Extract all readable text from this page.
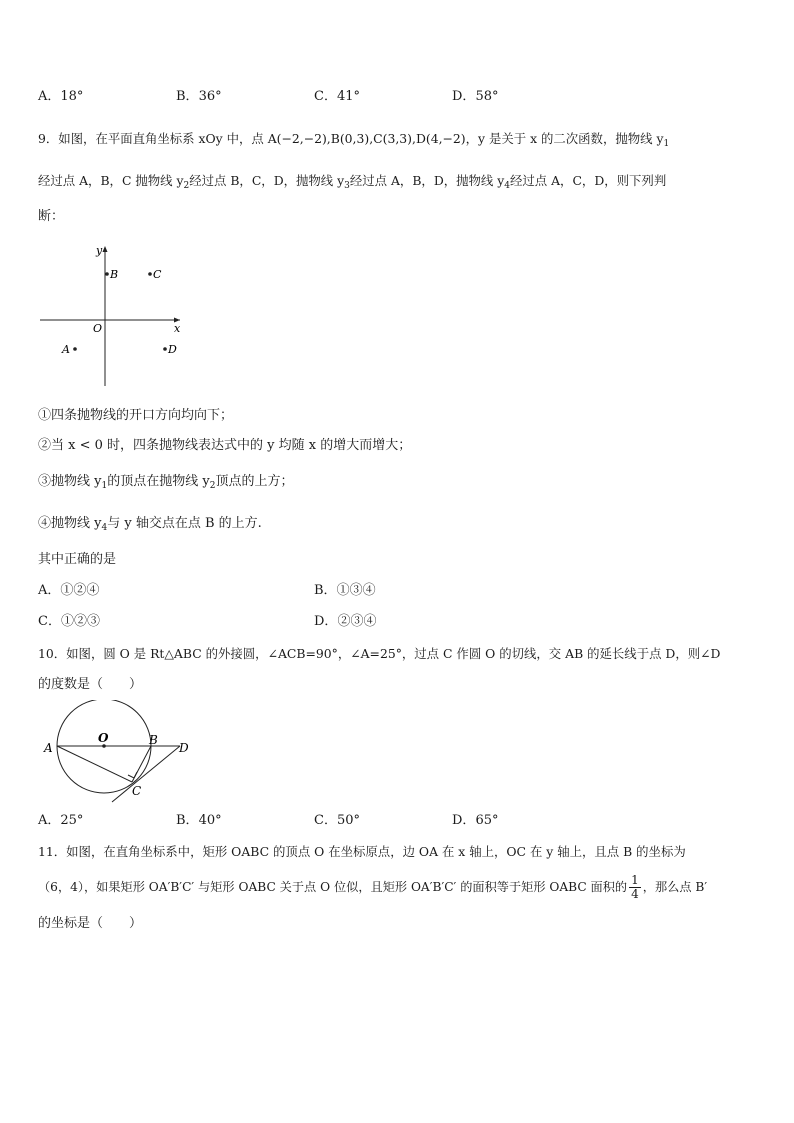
A．18°	B．36°	C．41°	D．58°
9．如图，在平面直角坐标系 xOy 中，点 A(−2,−2),B(0,3),C(3,3),D(4,−2)，y 是关于 x 的二次函数，抛物线 $y_1$
经过点 A，B，C 抛物线 $y_2$经过点 B，C，D，抛物线 $y_3$经过点 A，B，D，抛物线 $y_4$经过点 A，C，D，则下列判
断：
y
x
O
B	C
A	D
①四条抛物线的开口方向均向下；
②当 x < 0 时，四条抛物线表达式中的 y 均随 x 的增大而增大；
③抛物线 $y_1$的顶点在抛物线 $y_2$顶点的上方；
④抛物线 $y_4$与 y 轴交点在点 B 的上方.
其中正确的是
A．①②④	B．①③④
C．①②③	D．②③④
10．如图，圆 O 是 Rt△ABC 的外接圆，∠ACB=90°，∠A=25°，过点 C 作圆 O 的切线，交 AB 的延长线于点 D，则∠D
的度数是（　　）
A
O	B
D
C
A．25°	B．40°	C．50°	D．65°
11．如图，在直角坐标系中，矩形 OABC 的顶点 O 在坐标原点，边 OA 在 x 轴上，OC 在 y 轴上，且点 B 的坐标为
（6，4），如果矩形 OA′B′C′ 与矩形 OABC 关于点 O 位似，且矩形 OA′B′C′ 的面积等于矩形 OABC 面积的 $\frac{1}{4}$ ，那么点 B′
的坐标是（　　）
